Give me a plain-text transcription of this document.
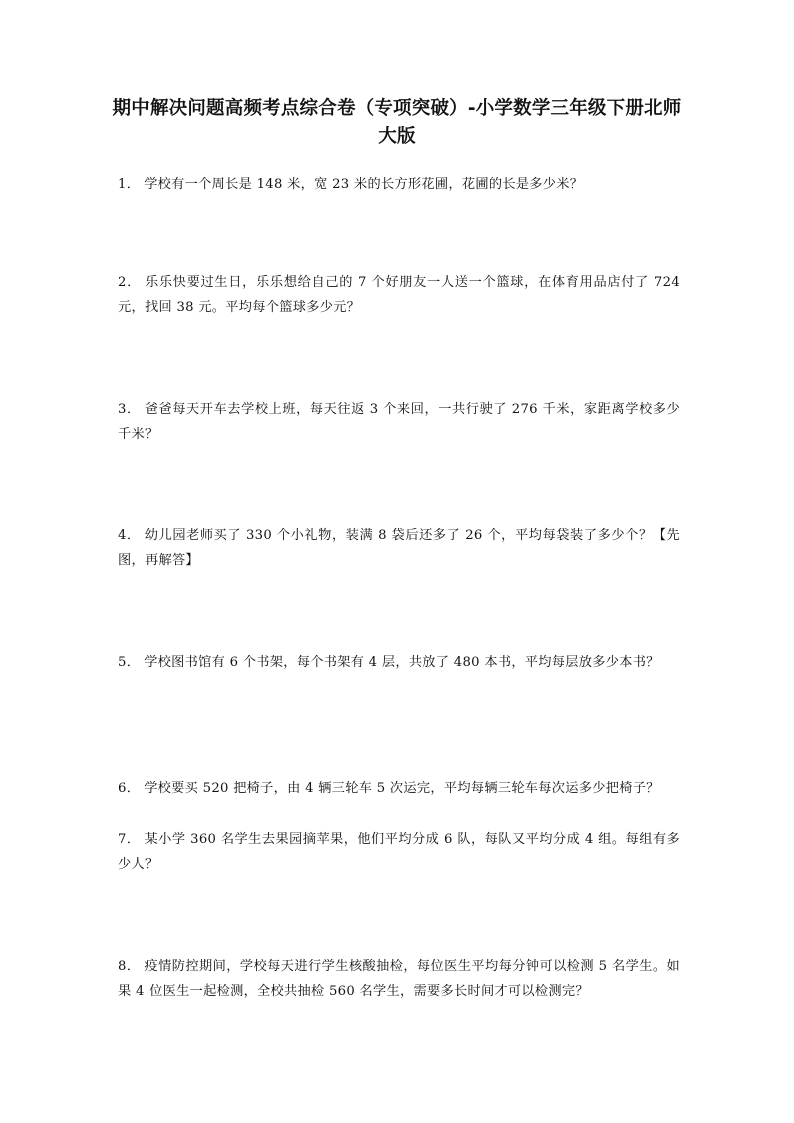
期中解决问题高频考点综合卷（专项突破）-小学数学三年级下册北师大版
1． 学校有一个周长是 148 米，宽 23 米的长方形花圃，花圃的长是多少米？
2． 乐乐快要过生日，乐乐想给自己的 7 个好朋友一人送一个篮球，在体育用品店付了 724 元，找回 38 元。平均每个篮球多少元？
3． 爸爸每天开车去学校上班，每天往返 3 个来回，一共行驶了 276 千米，家距离学校多少千米？
4． 幼儿园老师买了 330 个小礼物，装满 8 袋后还多了 26 个，平均每袋装了多少个？【先图，再解答】
5． 学校图书馆有 6 个书架，每个书架有 4 层，共放了 480 本书，平均每层放多少本书？
6． 学校要买 520 把椅子，由 4 辆三轮车 5 次运完，平均每辆三轮车每次运多少把椅子？
7． 某小学 360 名学生去果园摘苹果，他们平均分成 6 队，每队又平均分成 4 组。每组有多少人？
8． 疫情防控期间，学校每天进行学生核酸抽检，每位医生平均每分钟可以检测 5 名学生。如果 4 位医生一起检测，全校共抽检 560 名学生，需要多长时间才可以检测完？
